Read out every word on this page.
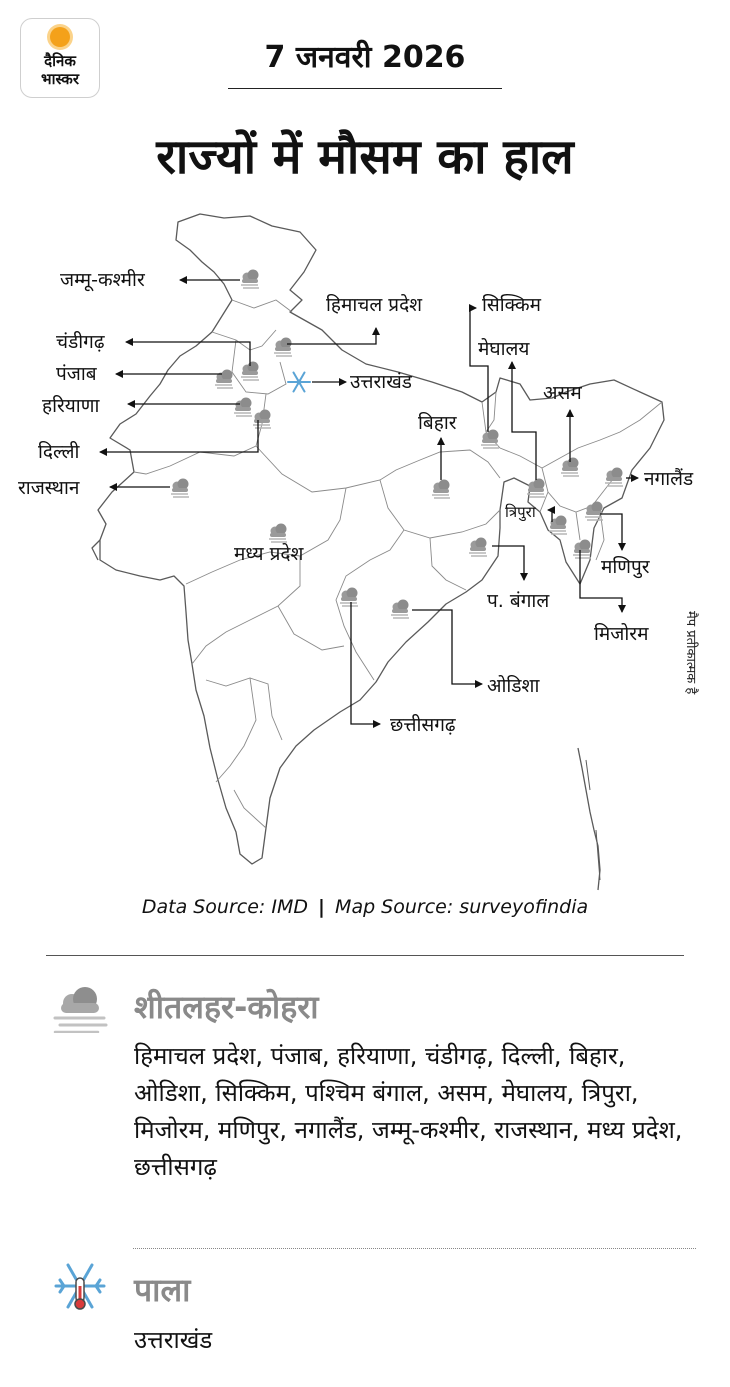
दैनिक
भास्कर
7 जनवरी 2026
राज्यों में मौसम का हाल
जम्मू-कश्मीर
हिमाचल प्रदेश	सिक्किम
चंडीगढ़	मेघालय
पंजाब	उत्तराखंड	असम
हरियाणा
बिहार
दिल्ली
नगालैंड
राजस्थान
त्रिपुरा
मध्य प्रदेश
मणिपुर
प. बंगाल
मिजोरम
ओडिशा
छत्तीसगढ़
मैप प्रतीकात्मक है
Data Source: IMD | Map Source: surveyofindia
शीतलहर-कोहरा
हिमाचल प्रदेश, पंजाब, हरियाणा, चंडीगढ़, दिल्ली, बिहार, ओडिशा, सिक्किम, पश्चिम बंगाल, असम, मेघालय, त्रिपुरा, मिजोरम, मणिपुर, नगालैंड, जम्मू-कश्मीर, राजस्थान, मध्य प्रदेश, छत्तीसगढ़
पाला
उत्तराखंड
